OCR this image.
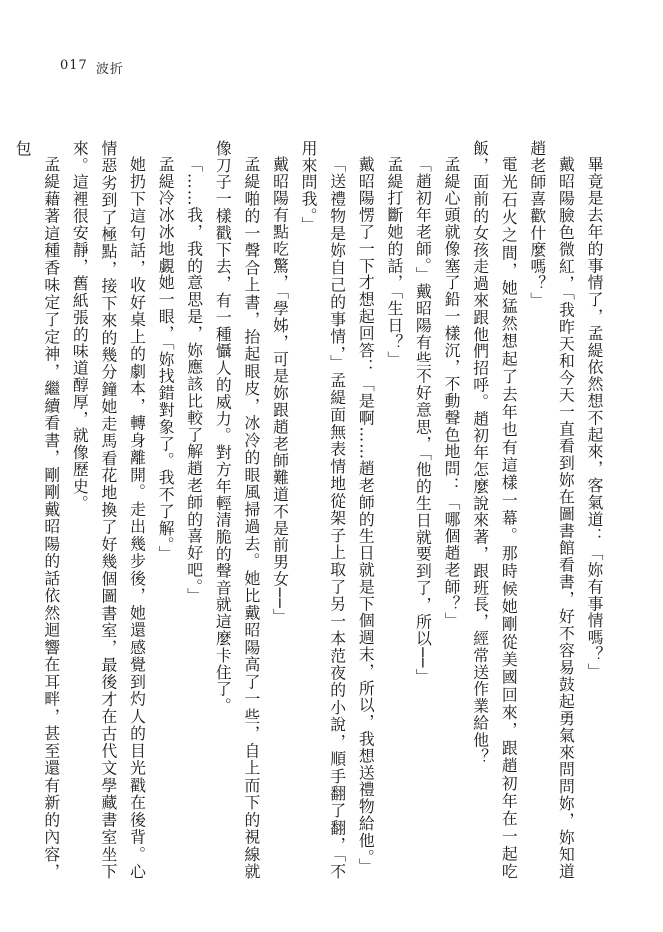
017 波折

畢竟是去年的事情了，孟緹依然想不起來，客氣道：「妳有事情嗎？」

戴昭陽臉色微紅，「我昨天和今天一直看到妳在圖書館看書，好不容易鼓起勇氣來問問妳，妳知道趙老師喜歡什麼嗎？」

電光石火之間，她猛然想起了去年也有這樣一幕。那時候她剛從美國回來，跟趙初年在一起吃飯，面前的女孩走過來跟他們招呼。趙初年怎麼說來著，跟班長，經常送作業給他？

孟緹心頭就像塞了鉛一樣沉，不動聲色地問：「哪個趙老師？」

「趙初年老師。」戴昭陽有些不好意思，「他的生日就要到了，所以──」

孟緹打斷她的話，「生日？」

戴昭陽愣了一下才想起回答：「是啊……趙老師的生日就是下個週末，所以，我想送禮物給他。」

「送禮物是妳自己的事情，」孟緹面無表情地從架子上取了另一本范夜的小說，順手翻了翻，「不用來問我。」

戴昭陽有點吃驚，「學姊，可是妳跟趙老師難道不是前男女──」

孟緹啪的一聲合上書，抬起眼皮，冰冷的眼風掃過去。她比戴昭陽高了一些，自上而下的視線就像刀子一樣戳下去，有一種懾人的威力。對方年輕清脆的聲音就這麼卡住了。

「……我，我的意思是，妳應該比較了解趙老師的喜好吧。」

孟緹冷冰冰地覷她一眼，「妳找錯對象了。我不了解。」

她扔下這句話，收好桌上的劇本，轉身離開。走出幾步後，她還感覺到灼人的目光戳在後背。心情惡劣到了極點，接下來的幾分鐘她走馬看花地換了好幾個圖書室，最後才在古代文學藏書室坐下來。這裡很安靜，舊紙張的味道醇厚，就像歷史。

孟緹藉著這種香味定了定神，繼續看書，剛剛戴昭陽的話依然迴響在耳畔，甚至還有新的內容，包
